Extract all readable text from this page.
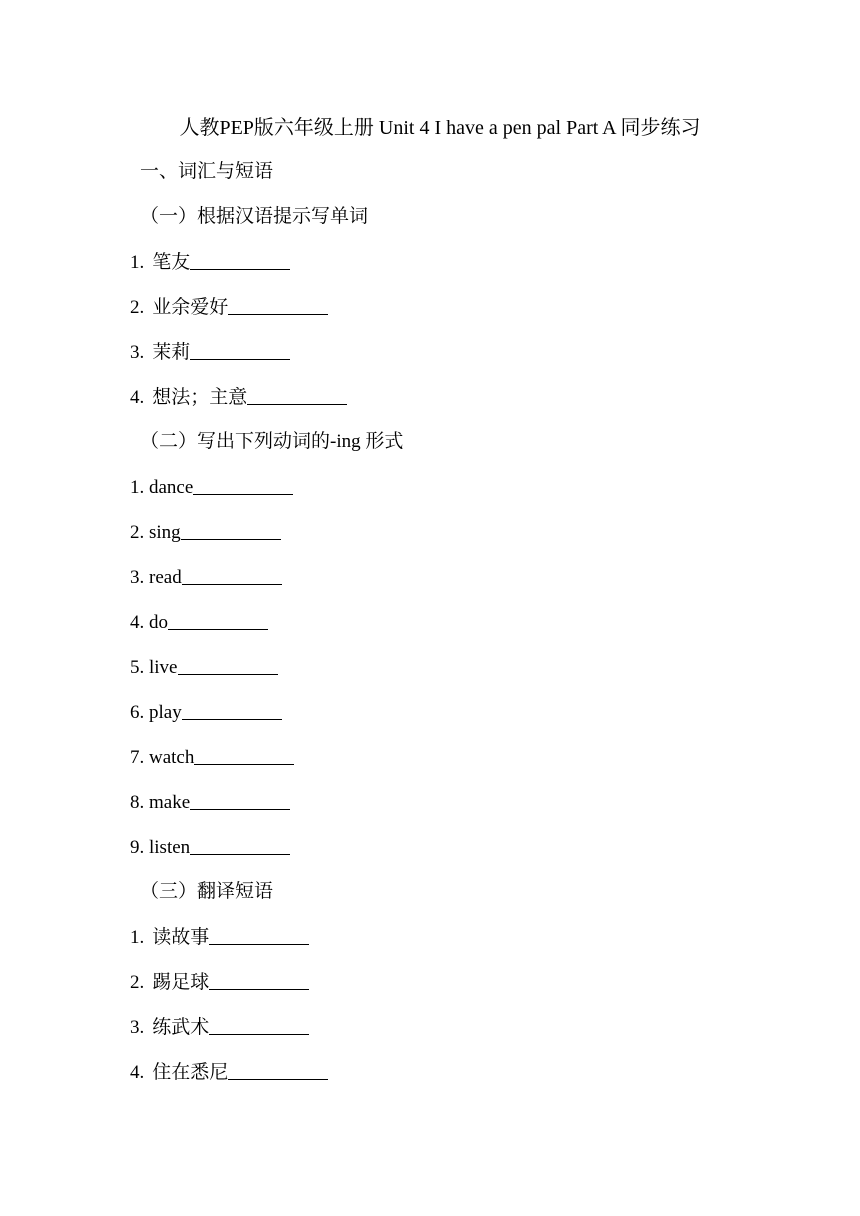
人教PEP版六年级上册 Unit 4 I have a pen pal Part A 同步练习
一、词汇与短语
（一）根据汉语提示写单词
1. 笔友
2. 业余爱好
3. 茉莉
4. 想法；主意
（二）写出下列动词的-ing 形式
1. dance
2. sing
3. read
4. do
5. live
6. play
7. watch
8. make
9. listen
（三）翻译短语
1. 读故事
2. 踢足球
3. 练武术
4. 住在悉尼
